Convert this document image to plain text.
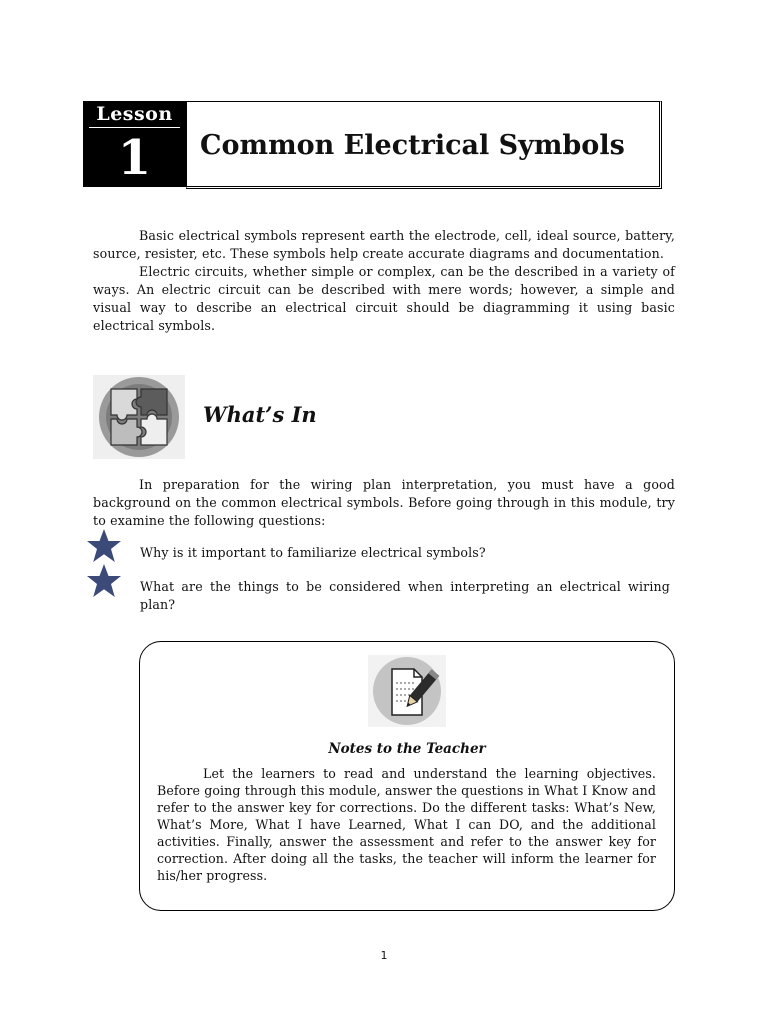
Lesson
1	Common Electrical Symbols

Basic electrical symbols represent earth the electrode, cell, ideal source, battery, source, resister, etc. These symbols help create accurate diagrams and documentation.

Electric circuits, whether simple or complex, can be the described in a variety of ways. An electric circuit can be described with mere words; however, a simple and visual way to describe an electrical circuit should be diagramming it using basic electrical symbols.

What’s In

In preparation for the wiring plan interpretation, you must have a good background on the common electrical symbols. Before going through in this module, try to examine the following questions:

Why is it important to familiarize electrical symbols?
What are the things to be considered when interpreting an electrical wiring plan?
Notes to the Teacher

Let the learners to read and understand the learning objectives. Before going through this module, answer the questions in What I Know and refer to the answer key for corrections. Do the different tasks: What’s New, What’s More, What I have Learned, What I can DO, and the additional activities. Finally, answer the assessment and refer to the answer key for correction. After doing all the tasks, the teacher will inform the learner for his/her progress.

1
